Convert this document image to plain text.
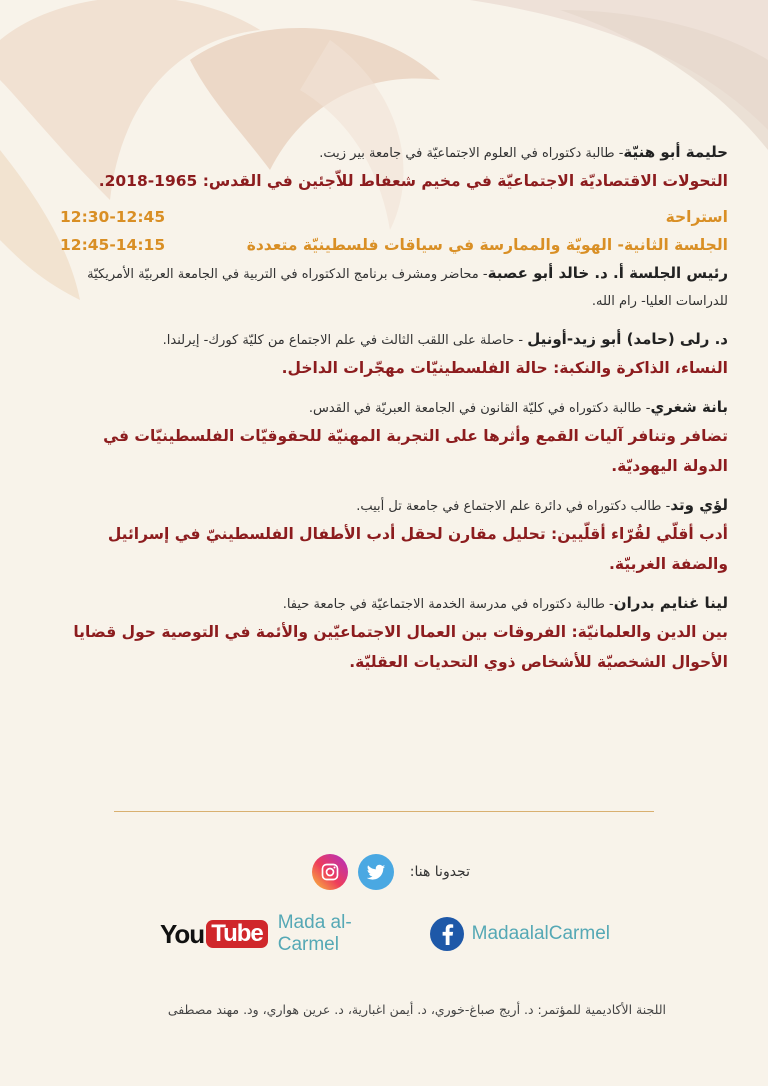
حليمة أبو هنيّة- طالبة دكتوراه في العلوم الاجتماعيّة في جامعة بير زيت.
التحولات الاقتصاديّة الاجتماعيّة في مخيم شعفاط للاّجئين في القدس: 1965-2018.
استراحة
12:30-12:45
الجلسة الثانية- الهويّة والممارسة في سياقات فلسطينيّة متعددة
12:45-14:15
رئيس الجلسة أ. د. خالد أبو عصبة- محاضر ومشرف برنامج الدكتوراه في التربية في الجامعة العربيّة الأمريكيّة للدراسات العليا- رام الله.
د. رلى (حامد) أبو زيد-أونيل - حاصلة على اللقب الثالث في علم الاجتماع من كليّة كورك- إيرلندا.
النساء، الذاكرة والنكبة: حالة الفلسطينيّات مهجّرات الداخل.
بانة شغري- طالبة دكتوراه في كليّة القانون في الجامعة العبريّة في القدس.
تضافر وتنافر آليات القمع وأثرها على التجربة المهنيّة للحقوقيّات الفلسطينيّات في الدولة اليهوديّة.
لؤي وتد- طالب دكتوراه في دائرة علم الاجتماع في جامعة تل أبيب.
أدب أقلّي لقُرّاء أقلّيين: تحليل مقارن لحقل أدب الأطفال الفلسطينيّ في إسرائيل والضفة الغربيّة.
لينا غنايم بدران- طالبة دكتوراه في مدرسة الخدمة الاجتماعيّة في جامعة حيفا.
بين الدين والعلمانيّة: الفروقات بين العمال الاجتماعيّين والأئمة في التوصية حول قضايا الأحوال الشخصيّة للأشخاص ذوي التحديات العقليّة.
تجدونا هنا:
You Tube Mada al-Carmel
MadaalalCarmel
اللجنة الأكاديمية للمؤتمر: د. أريج صباغ-خوري، د. أيمن اغبارية، د. عرين هواري، ود. مهند مصطفى
